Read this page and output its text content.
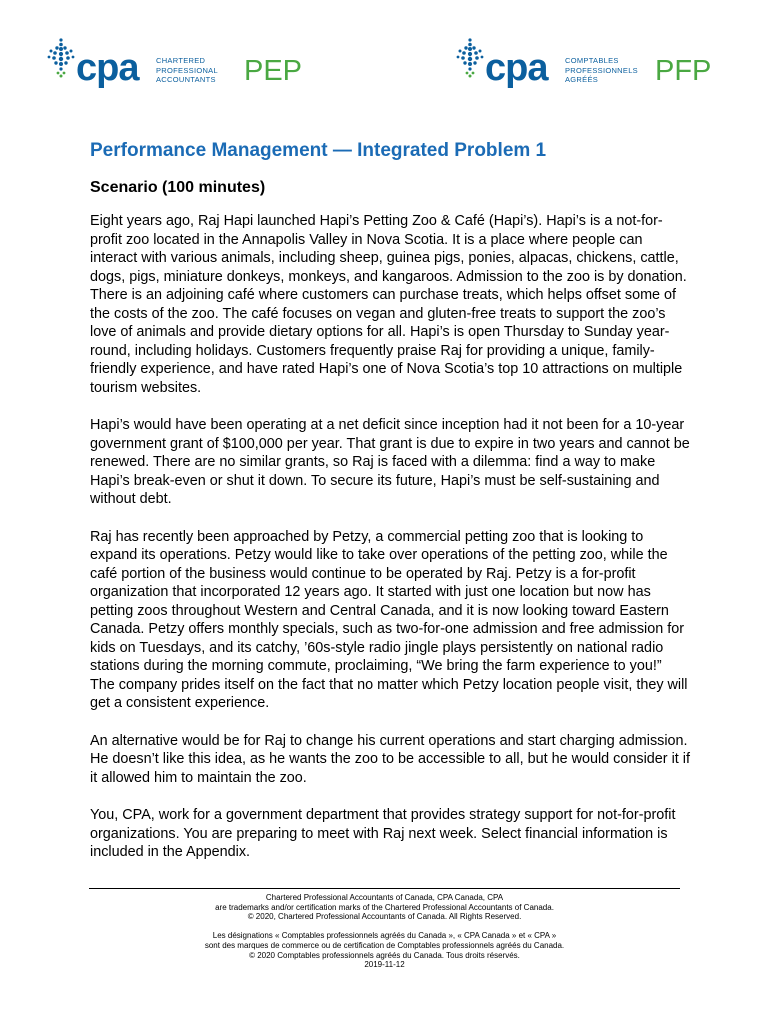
cpa CHARTERED
PROFESSIONAL
ACCOUNTANTS PEP	cpa COMPTABLES
PROFESSIONNELS
AGRÉÉS	PFP
Performance Management — Integrated Problem 1
Scenario (100 minutes)

Eight years ago, Raj Hapi launched Hapi’s Petting Zoo & Café (Hapi’s). Hapi’s is a not-for-profit zoo located in the Annapolis Valley in Nova Scotia. It is a place where people can interact with various animals, including sheep, guinea pigs, ponies, alpacas, chickens, cattle, dogs, pigs, miniature donkeys, monkeys, and kangaroos. Admission to the zoo is by donation. There is an adjoining café where customers can purchase treats, which helps offset some of the costs of the zoo. The café focuses on vegan and gluten-free treats to support the zoo’s love of animals and provide dietary options for all. Hapi’s is open Thursday to Sunday year-round, including holidays. Customers frequently praise Raj for providing a unique, family-friendly experience, and have rated Hapi’s one of Nova Scotia’s top 10 attractions on multiple tourism websites.

Hapi’s would have been operating at a net deficit since inception had it not been for a 10-year government grant of $100,000 per year. That grant is due to expire in two years and cannot be renewed. There are no similar grants, so Raj is faced with a dilemma: find a way to make Hapi’s break-even or shut it down. To secure its future, Hapi’s must be self-sustaining and without debt.

Raj has recently been approached by Petzy, a commercial petting zoo that is looking to expand its operations. Petzy would like to take over operations of the petting zoo, while the café portion of the business would continue to be operated by Raj. Petzy is a for-profit organization that incorporated 12 years ago. It started with just one location but now has petting zoos throughout Western and Central Canada, and it is now looking toward Eastern Canada. Petzy offers monthly specials, such as two-for-one admission and free admission for kids on Tuesdays, and its catchy, ’60s-style radio jingle plays persistently on national radio stations during the morning commute, proclaiming, “We bring the farm experience to you!” The company prides itself on the fact that no matter which Petzy location people visit, they will get a consistent experience.

An alternative would be for Raj to change his current operations and start charging admission. He doesn’t like this idea, as he wants the zoo to be accessible to all, but he would consider it if it allowed him to maintain the zoo.

You, CPA, work for a government department that provides strategy support for not-for-profit organizations. You are preparing to meet with Raj next week. Select financial information is included in the Appendix.

Chartered Professional Accountants of Canada, CPA Canada, CPA
are trademarks and/or certification marks of the Chartered Professional Accountants of Canada.
© 2020, Chartered Professional Accountants of Canada. All Rights Reserved.
Les désignations « Comptables professionnels agréés du Canada », « CPA Canada » et « CPA »
sont des marques de commerce ou de certification de Comptables professionnels agréés du Canada.
© 2020 Comptables professionnels agréés du Canada. Tous droits réservés.
2019-11-12
